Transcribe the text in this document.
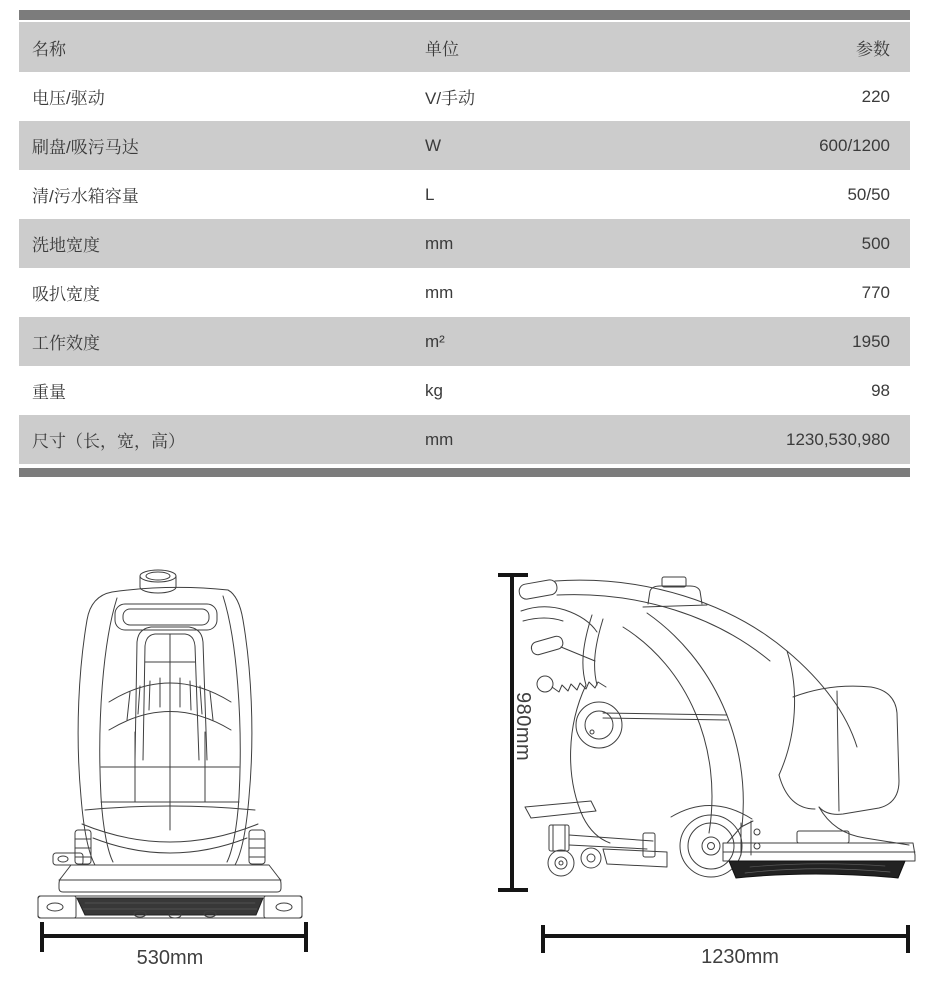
名称	单位	参数
电压/驱动	V/手动	220
刷盘/吸污马达	W	600/1200
清/污水箱容量	L	50/50
洗地宽度	mm	500
吸扒宽度	mm	770
工作效度	m²	1950
重量	kg	98
尺寸（长，宽，高）	mm	1230,530,980
530mm
980mm
1230mm
